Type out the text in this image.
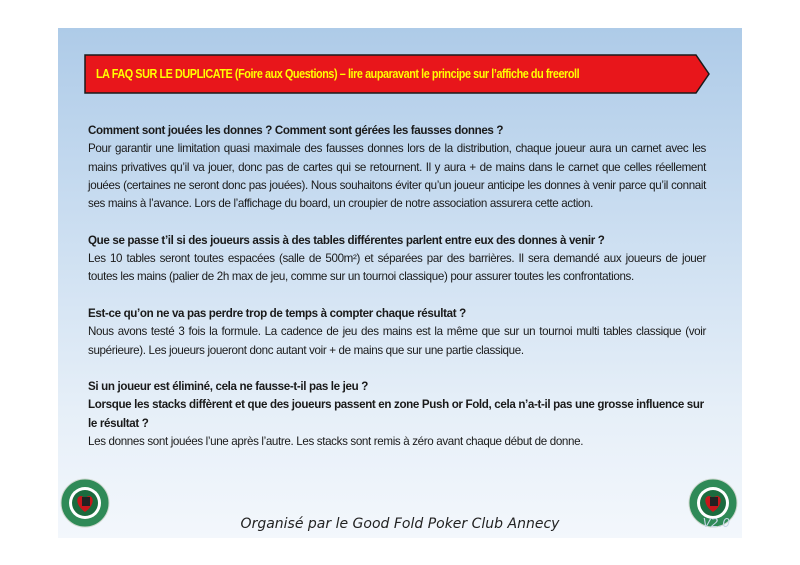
LA FAQ SUR LE DUPLICATE (Foire aux Questions) – lire auparavant le principe sur l’affiche du freeroll
Comment sont jouées les donnes ? Comment sont gérées les fausses donnes ?
Pour garantir une limitation quasi maximale des fausses donnes lors de la distribution, chaque joueur aura un carnet avec les mains privatives qu’il va jouer, donc pas de cartes qui se retournent. Il y aura + de mains dans le carnet que celles réellement jouées (certaines ne seront donc pas jouées). Nous souhaitons éviter qu’un joueur anticipe les donnes à venir parce qu’il connait ses mains à l’avance. Lors de l’affichage du board, un croupier de notre association assurera cette action.
Que se passe t’il si des joueurs assis à des tables différentes parlent entre eux des donnes à venir ?
Les 10 tables seront toutes espacées (salle de 500m²) et séparées par des barrières. Il sera demandé aux joueurs de jouer toutes les mains (palier de 2h max de jeu, comme sur un tournoi classique) pour assurer toutes les confrontations.
Est-ce qu’on ne va pas perdre trop de temps à compter chaque résultat ?
Nous avons testé 3 fois la formule. La cadence de jeu des mains est la même que sur un tournoi multi tables classique (voir supérieure). Les joueurs joueront donc autant voir + de mains que sur une partie classique.
Si un joueur est éliminé, cela ne fausse-t-il pas le jeu ?
Lorsque les stacks diffèrent et que des joueurs passent en zone Push or Fold, cela n’a-t-il pas une grosse influence sur le résultat ?
Les donnes sont jouées l’une après l’autre. Les stacks sont remis à zéro avant chaque début de donne.
Organisé par le Good Fold Poker Club Annecy	V2.0
